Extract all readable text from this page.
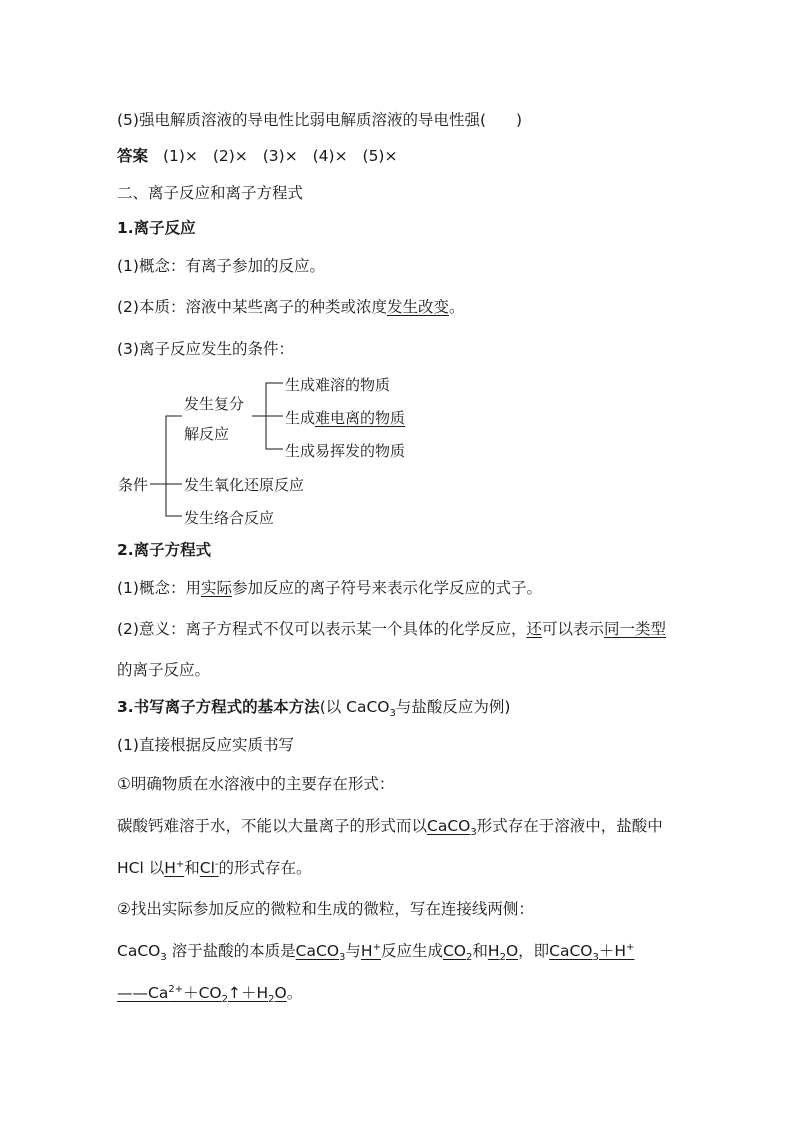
(5)强电解质溶液的导电性比弱电解质溶液的导电性强( )
答案 (1)× (2)× (3)× (4)× (5)×
二、离子反应和离子方程式
1.离子反应
(1)概念：有离子参加的反应。
(2)本质：溶液中某些离子的种类或浓度发生改变。
(3)离子反应发生的条件：
条件
发生复分
解反应
生成难溶的物质
生成难电离的物质
生成易挥发的物质
发生氧化还原反应
发生络合反应
2.离子方程式
(1)概念：用实际参加反应的离子符号来表示化学反应的式子。
(2)意义：离子方程式不仅可以表示某一个具体的化学反应，还可以表示同一类型
的离子反应。
3.书写离子方程式的基本方法(以 CaCO$_3$与盐酸反应为例)
(1)直接根据反应实质书写
①明确物质在水溶液中的主要存在形式：
碳酸钙难溶于水，不能以大量离子的形式而以CaCO$_3$形式存在于溶液中，盐酸中
HCl 以H+和Cl-的形式存在。
②找出实际参加反应的微粒和生成的微粒，写在连接线两侧：
CaCO$_3$ 溶于盐酸的本质是CaCO$_3$与H+反应生成$CO_2$和$H_2O$，即CaCO$_3$＋H+
$——Ca^{2+}+CO_2↑+H_2O$。
